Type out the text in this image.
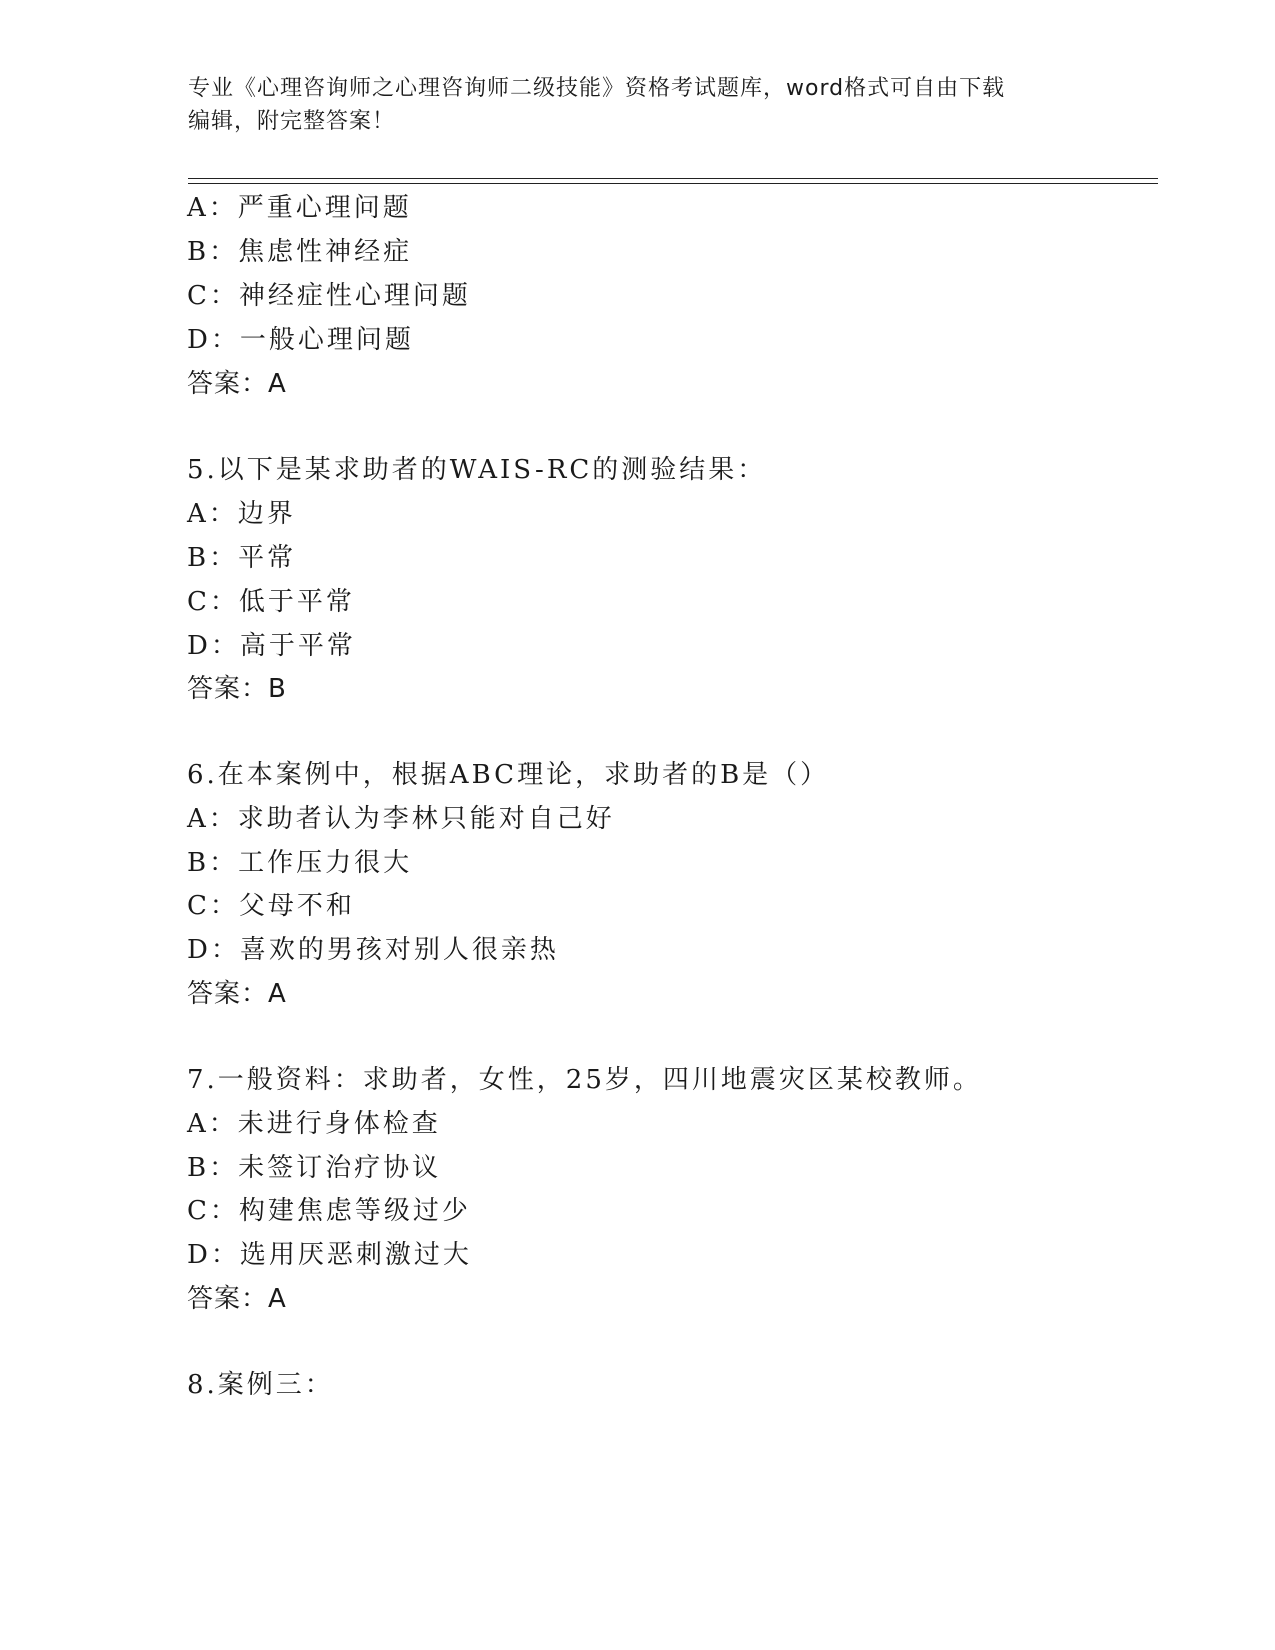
专业《心理咨询师之心理咨询师二级技能》资格考试题库，word格式可自由下载
编辑，附完整答案！
A：严重心理问题
B：焦虑性神经症
C：神经症性心理问题
D：一般心理问题
答案：A
5.以下是某求助者的WAIS-RC的测验结果：
A：边界
B：平常
C：低于平常
D：高于平常
答案：B
6.在本案例中，根据ABC理论，求助者的B是（）
A：求助者认为李林只能对自己好
B：工作压力很大
C：父母不和
D：喜欢的男孩对别人很亲热
答案：A
7.一般资料：求助者，女性，25岁，四川地震灾区某校教师。
A：未进行身体检查
B：未签订治疗协议
C：构建焦虑等级过少
D：选用厌恶刺激过大
答案：A
8.案例三：
